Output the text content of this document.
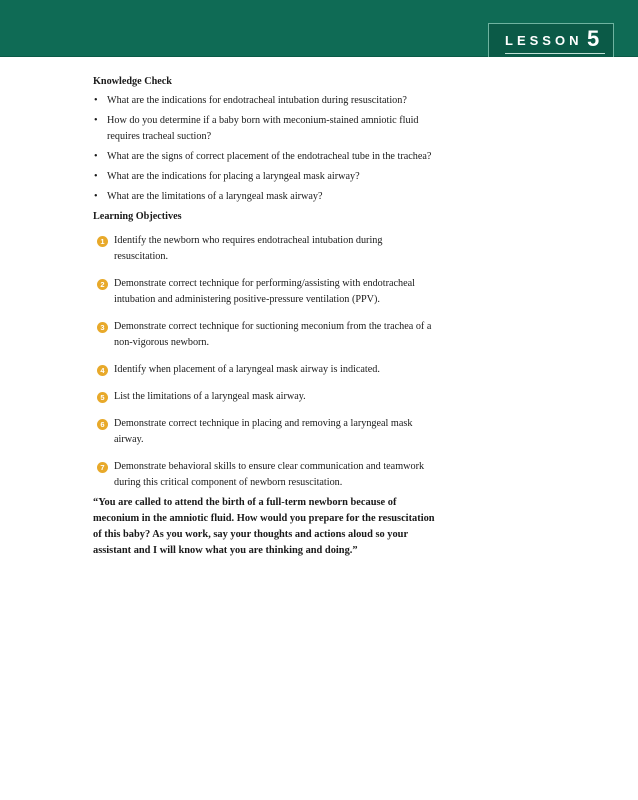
LESSON 5
Knowledge Check
• What are the indications for endotracheal intubation during resuscitation?
• How do you determine if a baby born with meconium-stained amniotic fluid requires tracheal suction?
• What are the signs of correct placement of the endotracheal tube in the trachea?
• What are the indications for placing a laryngeal mask airway?
• What are the limitations of a laryngeal mask airway?
Learning Objectives
1 Identify the newborn who requires endotracheal intubation during resuscitation.
2 Demonstrate correct technique for performing/assisting with endotracheal intubation and administering positive-pressure ventilation (PPV).
3 Demonstrate correct technique for suctioning meconium from the trachea of a non-vigorous newborn.
4 Identify when placement of a laryngeal mask airway is indicated.
5 List the limitations of a laryngeal mask airway.
6 Demonstrate correct technique in placing and removing a laryngeal mask airway.
7 Demonstrate behavioral skills to ensure clear communication and teamwork during this critical component of newborn resuscitation.
“You are called to attend the birth of a full-term newborn because of meconium in the amniotic fluid. How would you prepare for the resuscitation of this baby? As you work, say your thoughts and actions aloud so your assistant and I will know what you are thinking and doing.”
